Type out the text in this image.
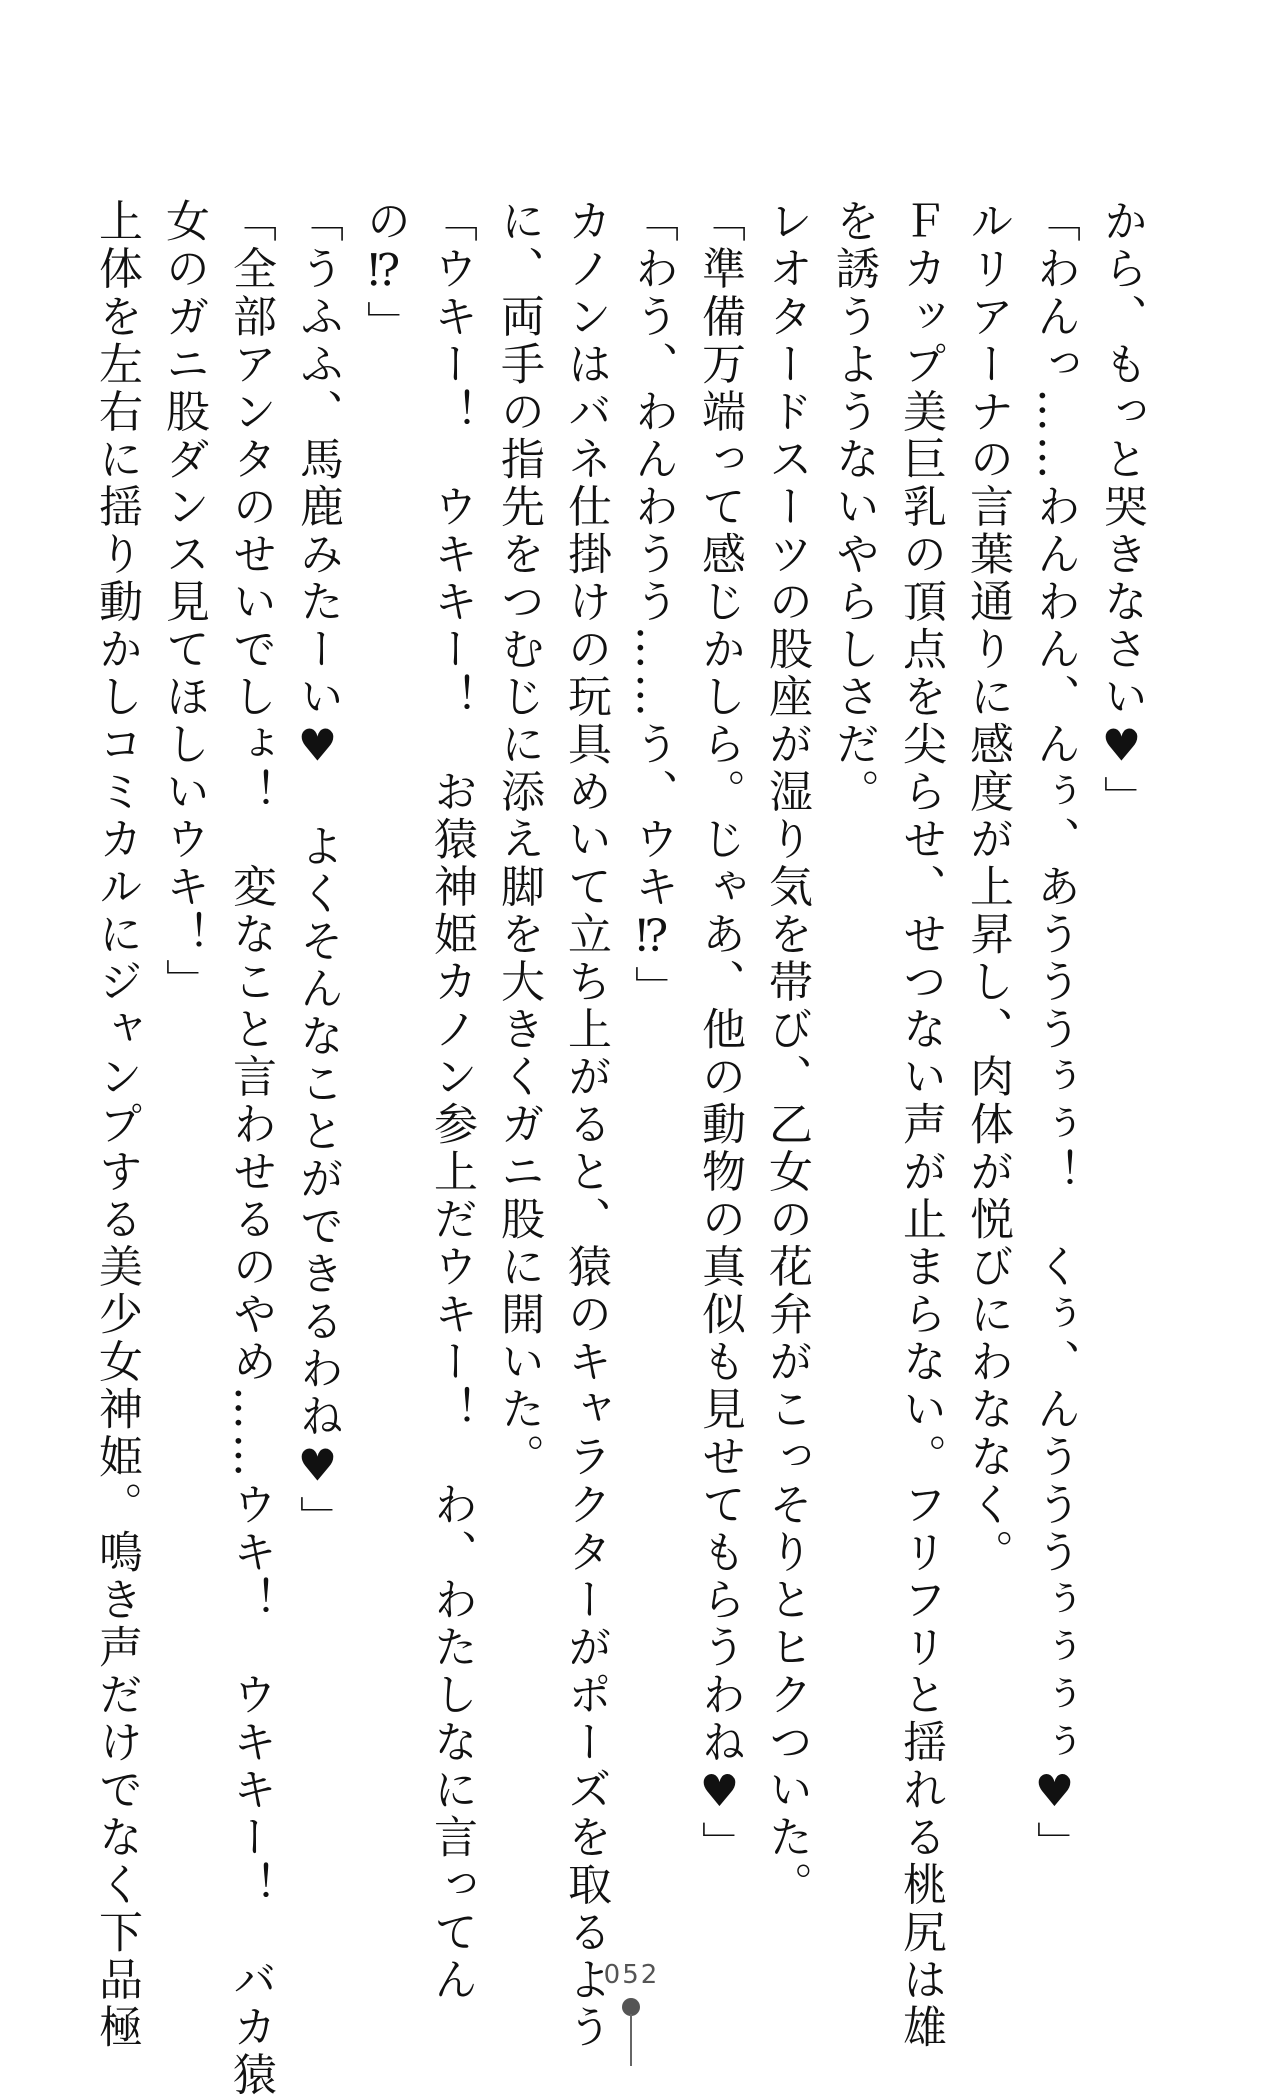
から、もっと哭きなさい♥」
「わんっ……わんわん、んぅ、あうううぅぅ！　くぅ、んうううぅぅぅぅ♥」
ルリアーナの言葉通りに感度が上昇し、肉体が悦びにわななく。
Ｆカップ美巨乳の頂点を尖らせ、せつない声が止まらない。フリフリと揺れる桃尻は雄
を誘うようないやらしさだ。
レオタードスーツの股座が湿り気を帯び、乙女の花弁がこっそりとヒクついた。
「準備万端って感じかしら。じゃあ、他の動物の真似も見せてもらうわね♥」
「わう、わんわうう……う、ウキ⁉」
カノンはバネ仕掛けの玩具めいて立ち上がると、猿のキャラクターがポーズを取るよう
に、両手の指先をつむじに添え脚を大きくガニ股に開いた。
「ウキー！　ウキキー！　お猿神姫カノン参上だウキー！　わ、わたしなに言ってん
の⁉」
「うふふ、馬鹿みたーい♥　よくそんなことができるわね♥」
「全部アンタのせいでしょ！　変なこと言わせるのやめ……ウキ！　ウキキー！　バカ猿
女のガニ股ダンス見てほしいウキ！」
上体を左右に揺り動かしコミカルにジャンプする美少女神姫。鳴き声だけでなく下品極	052
